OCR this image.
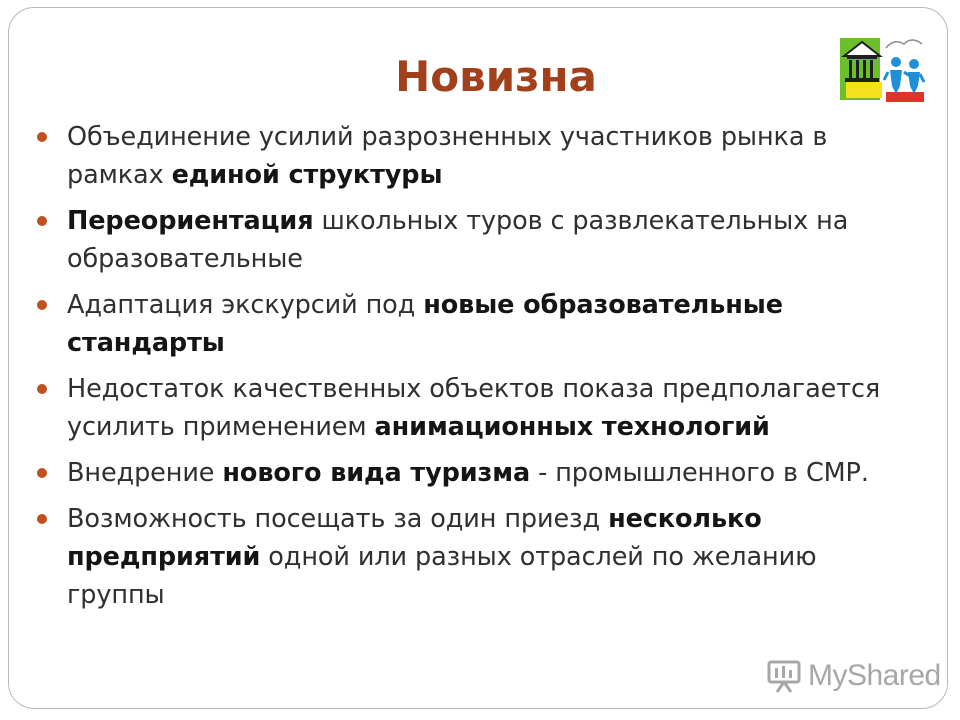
Новизна
Объединение усилий разрозненных участников рынка в рамках единой структуры
Переориентация школьных туров с развлекательных на образовательные
Адаптация экскурсий под новые образовательные стандарты
Недостаток качественных объектов показа предполагается усилить применением анимационных технологий
Внедрение нового вида туризма - промышленного в СМР.
Возможность посещать за один приезд несколько предприятий одной или разных отраслей по желанию группы
MyShared
